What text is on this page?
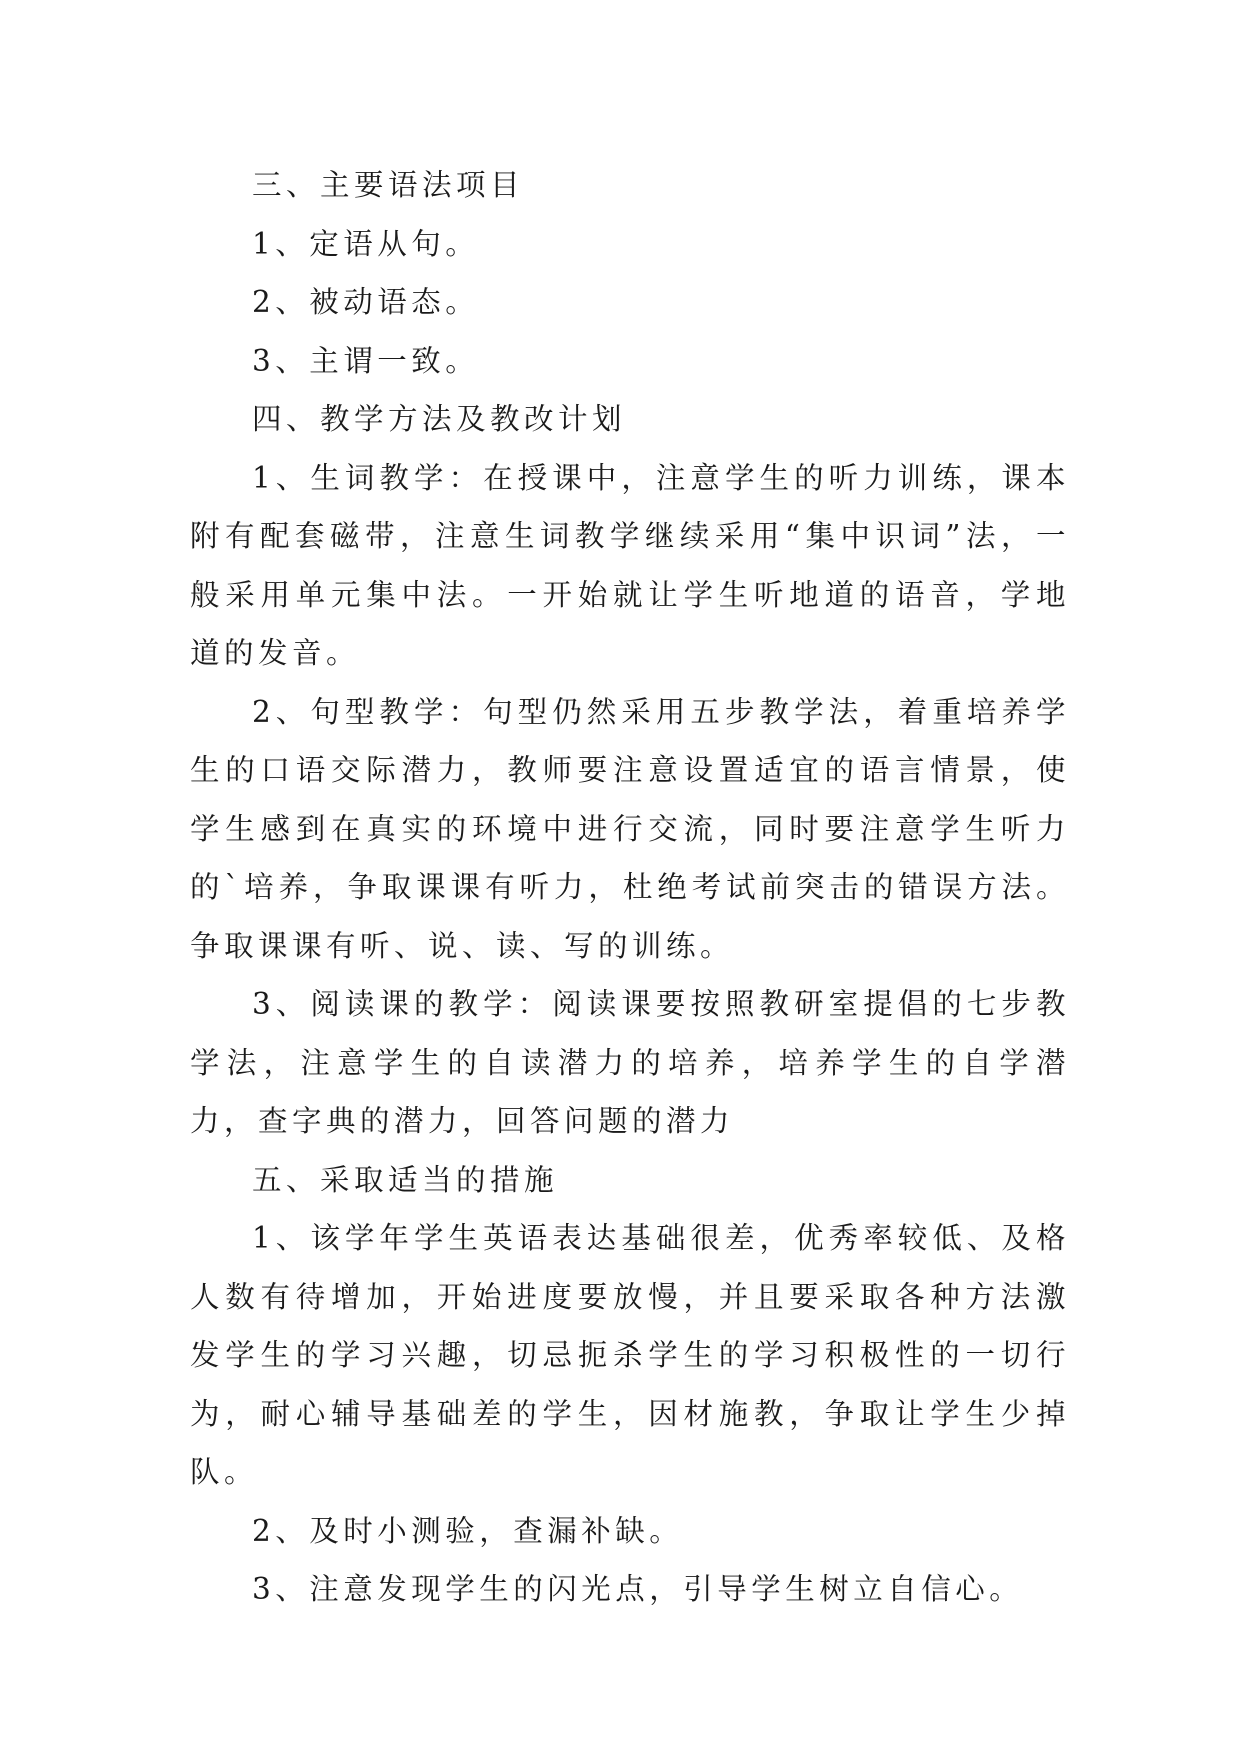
三、主要语法项目

1、定语从句。

2、被动语态。

3、主谓一致。

四、教学方法及教改计划

1、生词教学：在授课中，注意学生的听力训练，课本附有配套磁带，注意生词教学继续采用“集中识词”法，一般采用单元集中法。一开始就让学生听地道的语音，学地道的发音。

2、句型教学：句型仍然采用五步教学法，着重培养学生的口语交际潜力，教师要注意设置适宜的语言情景，使学生感到在真实的环境中进行交流，同时要注意学生听力的`培养，争取课课有听力，杜绝考试前突击的错误方法。争取课课有听、说、读、写的训练。

3、阅读课的教学：阅读课要按照教研室提倡的七步教学法，注意学生的自读潜力的培养，培养学生的自学潜力，查字典的潜力，回答问题的潜力

五、采取适当的措施

1、该学年学生英语表达基础很差，优秀率较低、及格人数有待增加，开始进度要放慢，并且要采取各种方法激发学生的学习兴趣，切忌扼杀学生的学习积极性的一切行为，耐心辅导基础差的学生，因材施教，争取让学生少掉队。

2、及时小测验，查漏补缺。

3、注意发现学生的闪光点，引导学生树立自信心。
